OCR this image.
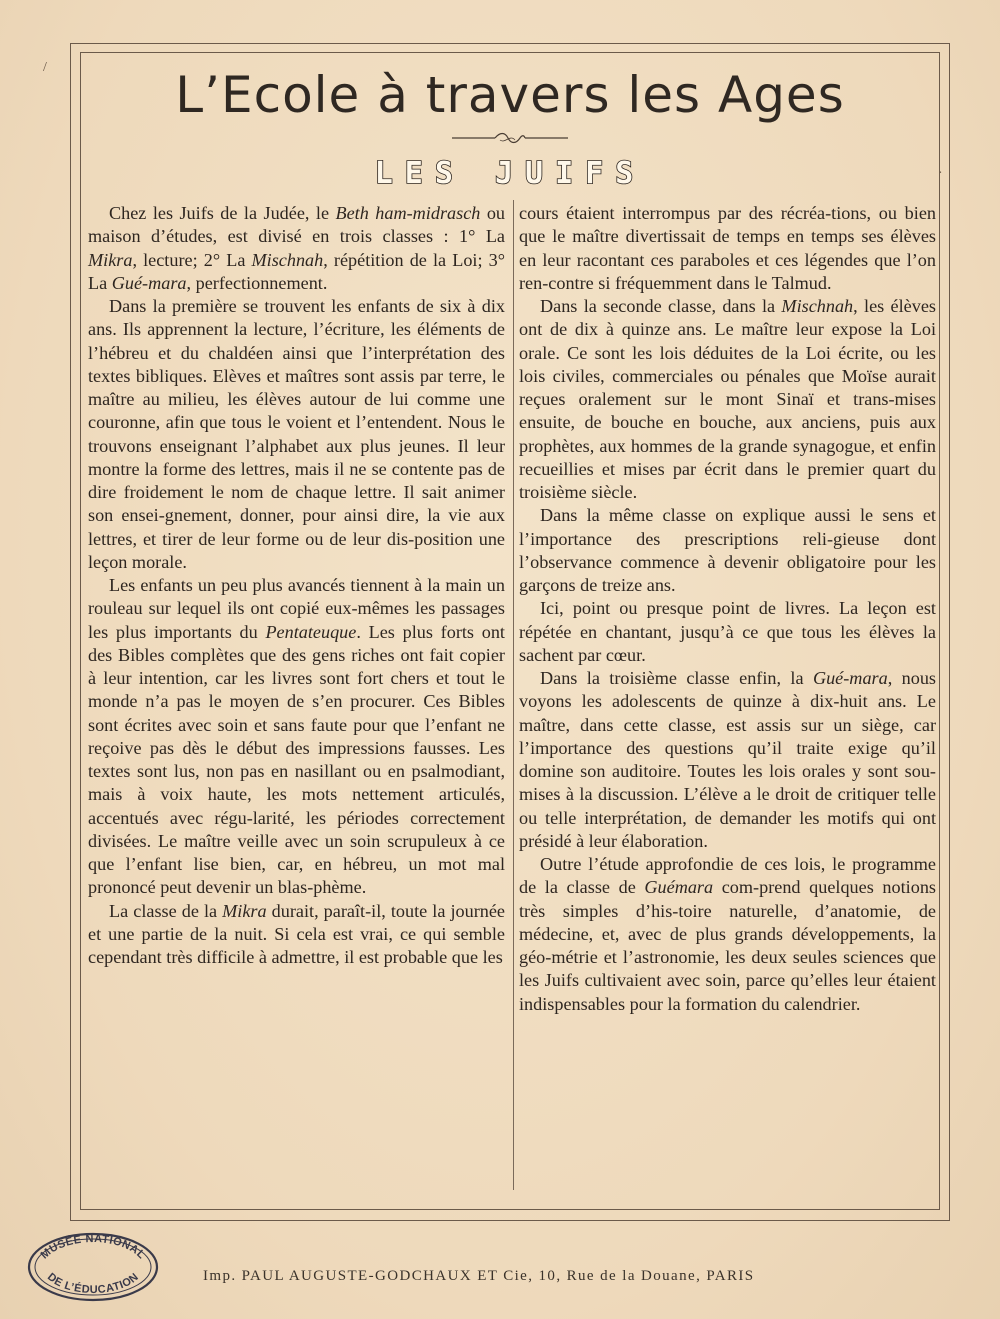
L’Ecole à travers les Ages
LES JUIFS

Chez les Juifs de la Judée, le Beth ham-midrasch ou maison d’études, est divisé en trois classes : 1° La Mikra, lecture; 2° La Mischnah, répétition de la Loi; 3° La Gué-mara, perfectionnement.

Dans la première se trouvent les enfants de six à dix ans. Ils apprennent la lecture, l’écriture, les éléments de l’hébreu et du chaldéen ainsi que l’interprétation des textes bibliques. Elèves et maîtres sont assis par terre, le maître au milieu, les élèves autour de lui comme une couronne, afin que tous le voient et l’entendent. Nous le trouvons enseignant l’alphabet aux plus jeunes. Il leur montre la forme des lettres, mais il ne se contente pas de dire froidement le nom de chaque lettre. Il sait animer son ensei-gnement, donner, pour ainsi dire, la vie aux lettres, et tirer de leur forme ou de leur dis-position une leçon morale.

Les enfants un peu plus avancés tiennent à la main un rouleau sur lequel ils ont copié eux-mêmes les passages les plus importants du Pentateuque. Les plus forts ont des Bibles complètes que des gens riches ont fait copier à leur intention, car les livres sont fort chers et tout le monde n’a pas le moyen de s’en procurer. Ces Bibles sont écrites avec soin et sans faute pour que l’enfant ne reçoive pas dès le début des impressions fausses. Les textes sont lus, non pas en nasillant ou en psalmodiant, mais à voix haute, les mots nettement articulés, accentués avec régu-larité, les périodes correctement divisées. Le maître veille avec un soin scrupuleux à ce que l’enfant lise bien, car, en hébreu, un mot mal prononcé peut devenir un blas-phème.

La classe de la Mikra durait, paraît-il, toute la journée et une partie de la nuit. Si cela est vrai, ce qui semble cependant très difficile à admettre, il est probable que les

cours étaient interrompus par des récréa-tions, ou bien que le maître divertissait de temps en temps ses élèves en leur racontant ces paraboles et ces légendes que l’on ren-contre si fréquemment dans le Talmud.

Dans la seconde classe, dans la Mischnah, les élèves ont de dix à quinze ans. Le maître leur expose la Loi orale. Ce sont les lois déduites de la Loi écrite, ou les lois civiles, commerciales ou pénales que Moïse aurait reçues oralement sur le mont Sinaï et trans-mises ensuite, de bouche en bouche, aux anciens, puis aux prophètes, aux hommes de la grande synagogue, et enfin recueillies et mises par écrit dans le premier quart du troisième siècle.

Dans la même classe on explique aussi le sens et l’importance des prescriptions reli-gieuse dont l’observance commence à devenir obligatoire pour les garçons de treize ans.

Ici, point ou presque point de livres. La leçon est répétée en chantant, jusqu’à ce que tous les élèves la sachent par cœur.

Dans la troisième classe enfin, la Gué-mara, nous voyons les adolescents de quinze à dix-huit ans. Le maître, dans cette classe, est assis sur un siège, car l’importance des questions qu’il traite exige qu’il domine son auditoire. Toutes les lois orales y sont sou-mises à la discussion. L’élève a le droit de critiquer telle ou telle interprétation, de demander les motifs qui ont présidé à leur élaboration.

Outre l’étude approfondie de ces lois, le programme de la classe de Guémara com-prend quelques notions très simples d’his-toire naturelle, d’anatomie, de médecine, et, avec de plus grands développements, la géo-métrie et l’astronomie, les deux seules sciences que les Juifs cultivaient avec soin, parce qu’elles leur étaient indispensables pour la formation du calendrier.

MUSÉE NATIONAL
DE L’ÉDUCATION	Imp. PAUL AUGUSTE-GODCHAUX ET Cie, 10, Rue de la Douane, PARIS
/
·
